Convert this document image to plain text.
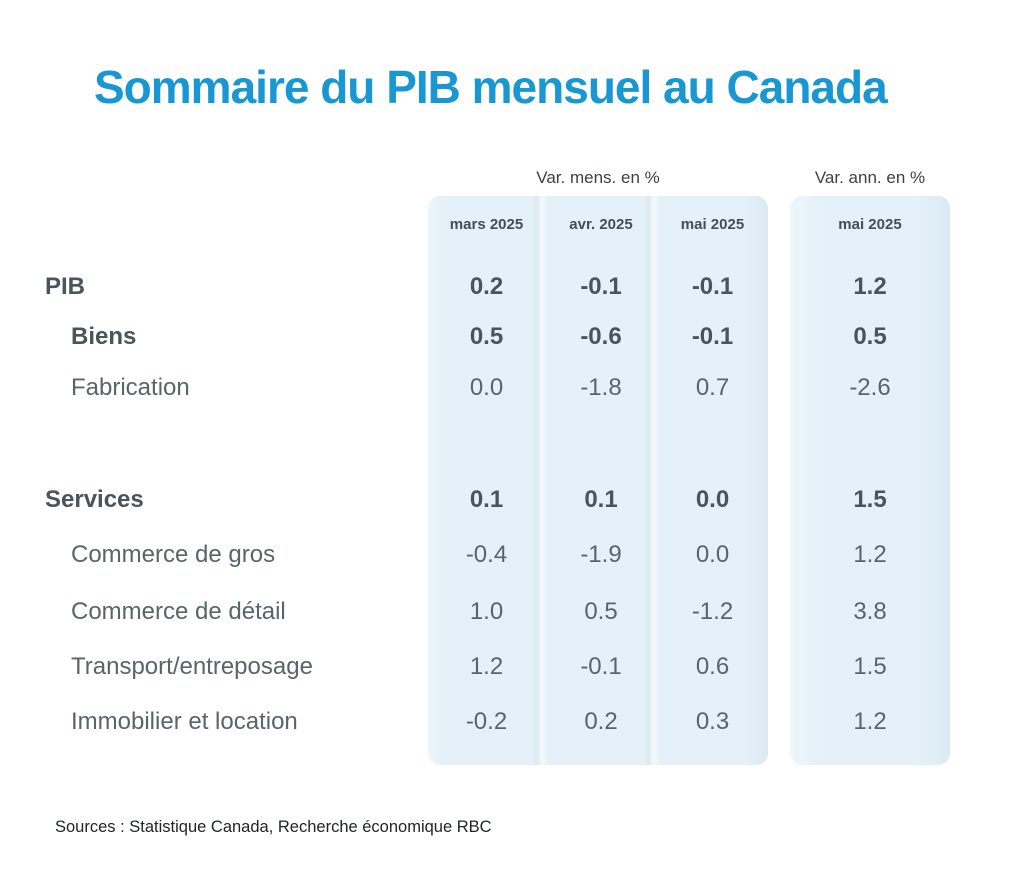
Sommaire du PIB mensuel au Canada
Var. mens. en %	Var. ann. en %
mars 2025	avr. 2025	mai 2025	mai 2025
PIB	0.2	-0.1	-0.1	1.2
Biens	0.5	-0.6	-0.1	0.5
Fabrication	0.0	-1.8	0.7	-2.6
Services	0.1	0.1	0.0	1.5
Commerce de gros	-0.4	-1.9	0.0	1.2
Commerce de détail	1.0	0.5	-1.2	3.8
Transport/entreposage	1.2	-0.1	0.6	1.5
Immobilier et location	-0.2	0.2	0.3	1.2
Sources : Statistique Canada, Recherche économique RBC
